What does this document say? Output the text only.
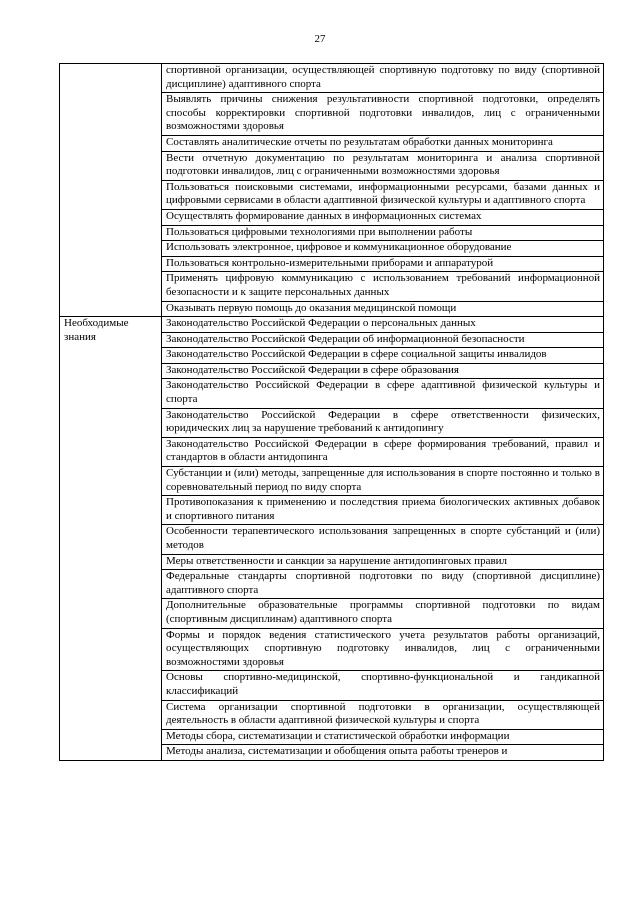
27
	спортивной организации, осуществляющей спортивную подготовку по виду (спортивной дисциплине) адаптивного спорта
	Выявлять причины снижения результативности спортивной подготовки, определять способы корректировки спортивной подготовки инвалидов, лиц с ограниченными возможностями здоровья
	Составлять аналитические отчеты по результатам обработки данных мониторинга
	Вести отчетную документацию по результатам мониторинга и анализа спортивной подготовки инвалидов, лиц с ограниченными возможностями здоровья
	Пользоваться поисковыми системами, информационными ресурсами, базами данных и цифровыми сервисами в области адаптивной физической культуры и адаптивного спорта
	Осуществлять формирование данных в информационных системах
	Пользоваться цифровыми технологиями при выполнении работы
	Использовать электронное, цифровое и коммуникационное оборудование
	Пользоваться контрольно-измерительными приборами и аппаратурой
	Применять цифровую коммуникацию с использованием требований информационной безопасности и к защите персональных данных
	Оказывать первую помощь до оказания медицинской помощи
Необходимые знания	Законодательство Российской Федерации о персональных данных
	Законодательство Российской Федерации об информационной безопасности
	Законодательство Российской Федерации в сфере социальной защиты инвалидов
	Законодательство Российской Федерации в сфере образования
	Законодательство Российской Федерации в сфере адаптивной физической культуры и спорта
	Законодательство Российской Федерации в сфере ответственности физических, юридических лиц за нарушение требований к антидопингу
	Законодательство Российской Федерации в сфере формирования требований, правил и стандартов в области антидопинга
	Субстанции и (или) методы, запрещенные для использования в спорте постоянно и только в соревновательный период по виду спорта
	Противопоказания к применению и последствия приема биологических активных добавок и спортивного питания
	Особенности терапевтического использования запрещенных в спорте субстанций и (или) методов
	Меры ответственности и санкции за нарушение антидопинговых правил
	Федеральные стандарты спортивной подготовки по виду (спортивной дисциплине) адаптивного спорта
	Дополнительные образовательные программы спортивной подготовки по видам (спортивным дисциплинам) адаптивного спорта
	Формы и порядок ведения статистического учета результатов работы организаций, осуществляющих спортивную подготовку инвалидов, лиц с ограниченными возможностями здоровья
	Основы спортивно-медицинской, спортивно-функциональной и гандикапной классификаций
	Система организации спортивной подготовки в организации, осуществляющей деятельность в области адаптивной физической культуры и спорта
	Методы сбора, систематизации и статистической обработки информации
	Методы анализа, систематизации и обобщения опыта работы тренеров и
